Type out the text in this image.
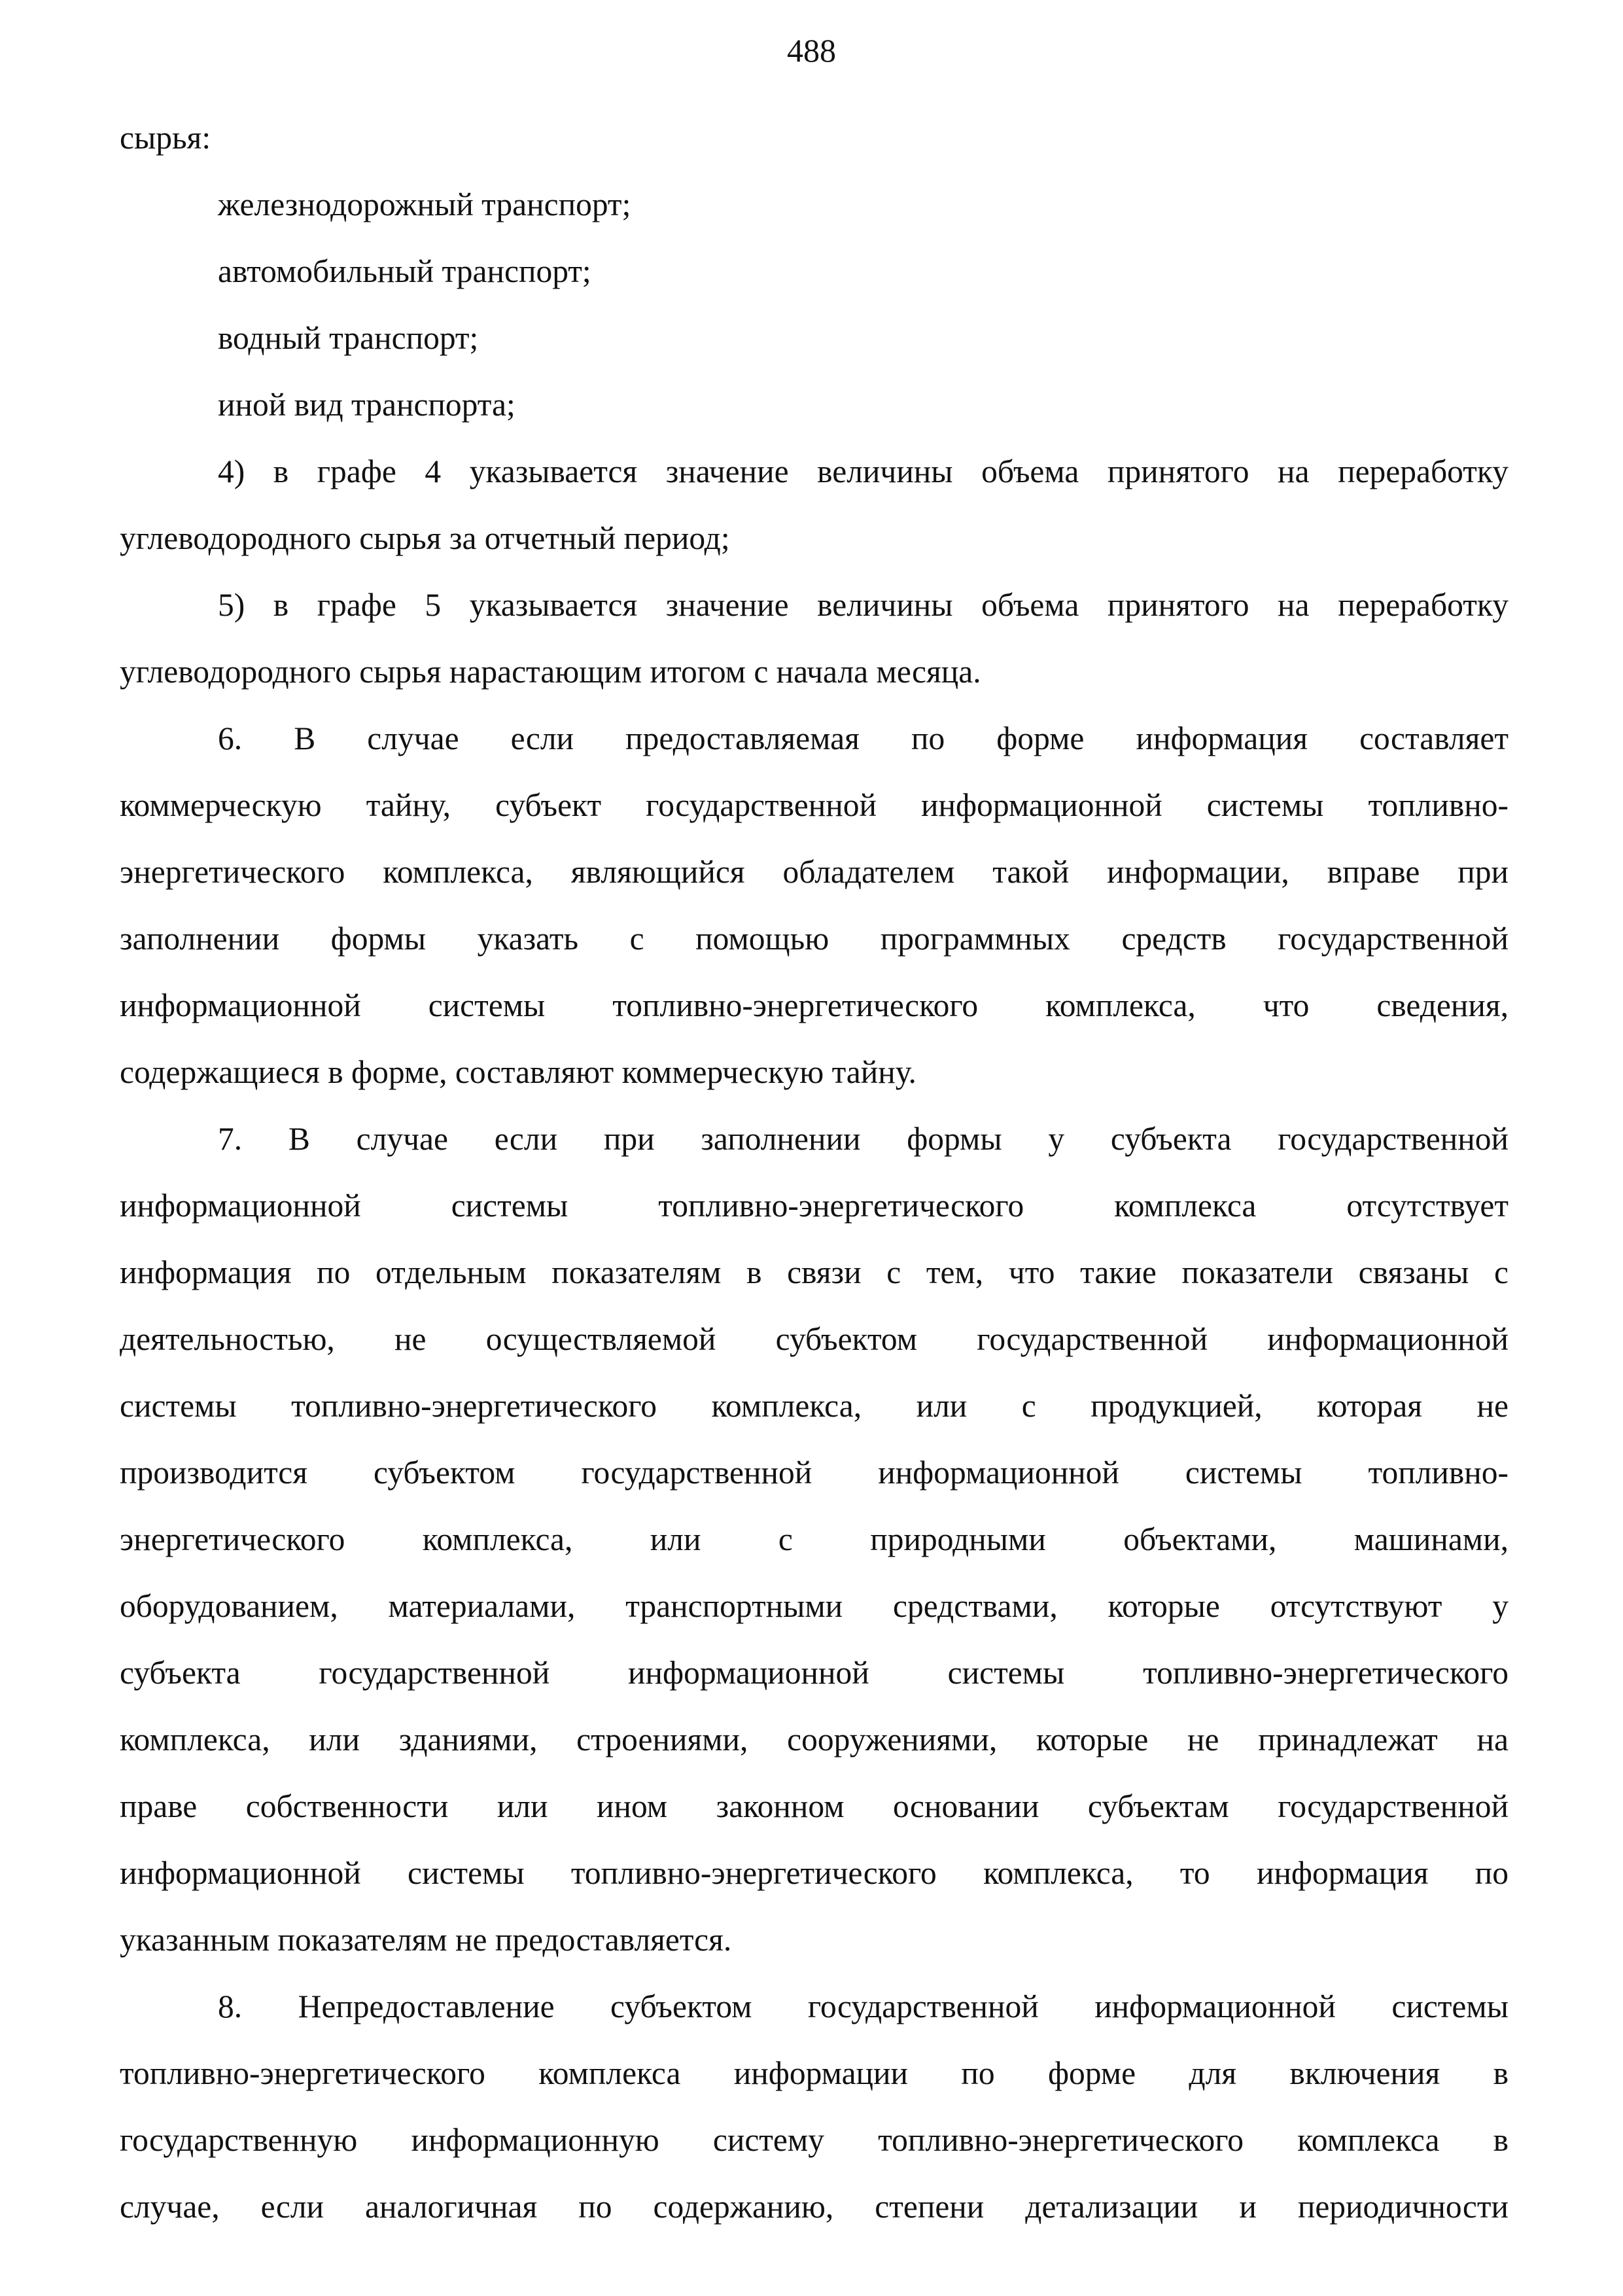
488
сырья:
железнодорожный транспорт;
автомобильный транспорт;
водный транспорт;
иной вид транспорта;
4) в графе 4 указывается значение величины объема принятого на переработку
углеводородного сырья за отчетный период;
5) в графе 5 указывается значение величины объема принятого на переработку
углеводородного сырья нарастающим итогом с начала месяца.
6. В случае если предоставляемая по форме информация составляет
коммерческую тайну, субъект государственной информационной системы топливно-
энергетического комплекса, являющийся обладателем такой информации, вправе при
заполнении формы указать с помощью программных средств государственной
информационной системы топливно-энергетического комплекса, что сведения,
содержащиеся в форме, составляют коммерческую тайну.
7. В случае если при заполнении формы у субъекта государственной
информационной системы топливно-энергетического комплекса отсутствует
информация по отдельным показателям в связи с тем, что такие показатели связаны с
деятельностью, не осуществляемой субъектом государственной информационной
системы топливно-энергетического комплекса, или с продукцией, которая не
производится субъектом государственной информационной системы топливно-
энергетического комплекса, или с природными объектами, машинами,
оборудованием, материалами, транспортными средствами, которые отсутствуют у
субъекта государственной информационной системы топливно-энергетического
комплекса, или зданиями, строениями, сооружениями, которые не принадлежат на
праве собственности или ином законном основании субъектам государственной
информационной системы топливно-энергетического комплекса, то информация по
указанным показателям не предоставляется.
8. Непредоставление субъектом государственной информационной системы
топливно-энергетического комплекса информации по форме для включения в
государственную информационную систему топливно-энергетического комплекса в
случае, если аналогичная по содержанию, степени детализации и периодичности
